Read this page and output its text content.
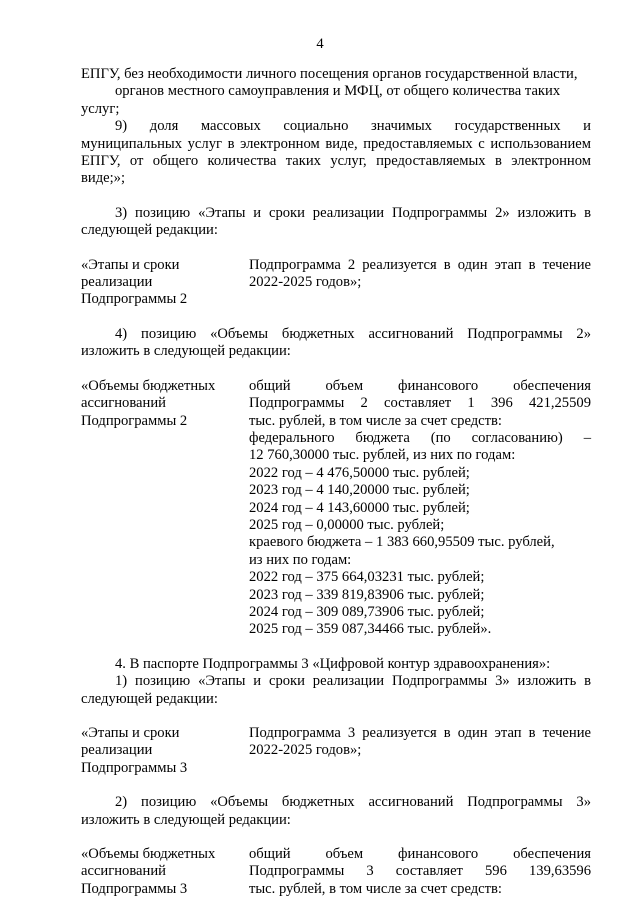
4

ЕПГУ, без необходимости личного посещения органов государственной власти,

органов местного самоуправления и МФЦ, от общего количества таких услуг;

9) доля массовых социально значимых государственных и

муниципальных услуг в электронном виде, предоставляемых с использованием ЕПГУ, от общего количества таких услуг, предоставляемых в электронном виде;»;

3) позицию «Этапы и сроки реализации Подпрограммы 2» изложить в следующей редакции:

«Этапы и сроки
реализации
Подпрограммы 2

Подпрограмма 2 реализуется в один этап в течение 2022-2025 годов»;

4) позицию «Объемы бюджетных ассигнований Подпрограммы 2» изложить в следующей редакции:

«Объемы бюджетных
ассигнований
Подпрограммы 2

общий объем финансового обеспечения

Подпрограммы 2 составляет 1 396 421,25509

тыс. рублей, в том числе за счет средств:

федерального бюджета (по согласованию) –

12 760,30000 тыс. рублей, из них по годам:

2022 год – 4 476,50000 тыс. рублей;

2023 год – 4 140,20000 тыс. рублей;

2024 год – 4 143,60000 тыс. рублей;

2025 год – 0,00000 тыс. рублей;

краевого бюджета – 1 383 660,95509 тыс. рублей,

из них по годам:

2022 год – 375 664,03231 тыс. рублей;

2023 год – 339 819,83906 тыс. рублей;

2024 год – 309 089,73906 тыс. рублей;

2025 год – 359 087,34466 тыс. рублей».

4. В паспорте Подпрограммы 3 «Цифровой контур здравоохранения»:

1) позицию «Этапы и сроки реализации Подпрограммы 3» изложить в следующей редакции:

«Этапы и сроки
реализации
Подпрограммы 3

Подпрограмма 3 реализуется в один этап в течение 2022-2025 годов»;

2) позицию «Объемы бюджетных ассигнований Подпрограммы 3» изложить в следующей редакции:

«Объемы бюджетных
ассигнований
Подпрограммы 3

общий объем финансового обеспечения

Подпрограммы 3 составляет 596 139,63596

тыс. рублей, в том числе за счет средств:
